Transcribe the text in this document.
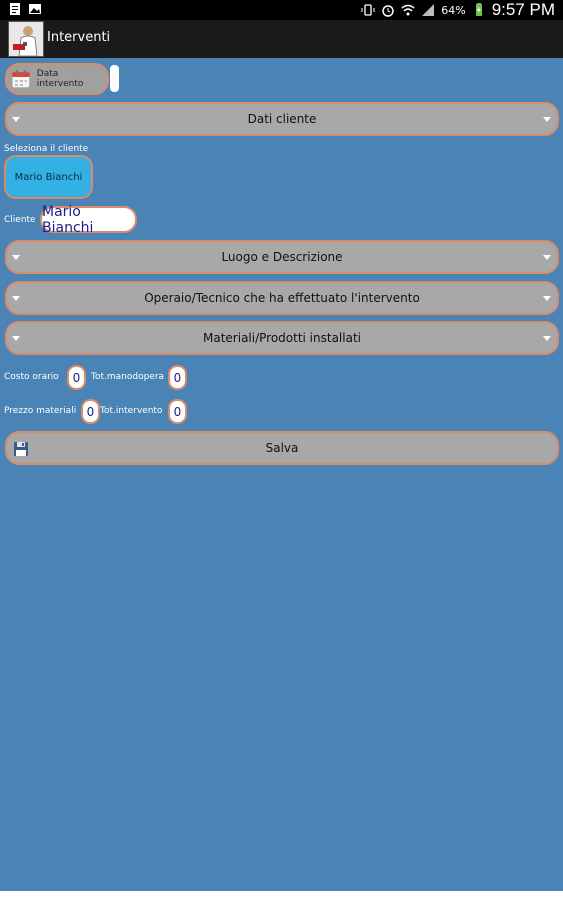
64% 9:57 PM
Interventi
Data intervento
Dati cliente
Seleziona il cliente
Mario Bianchi
Cliente
Mario Bianchi
Luogo e Descrizione
Operaio/Tecnico che ha effettuato l'intervento
Materiali/Prodotti installati
Costo orario	0	Tot.manodopera 0
Prezzo materiali 0 Tot.intervento 0
Salva
